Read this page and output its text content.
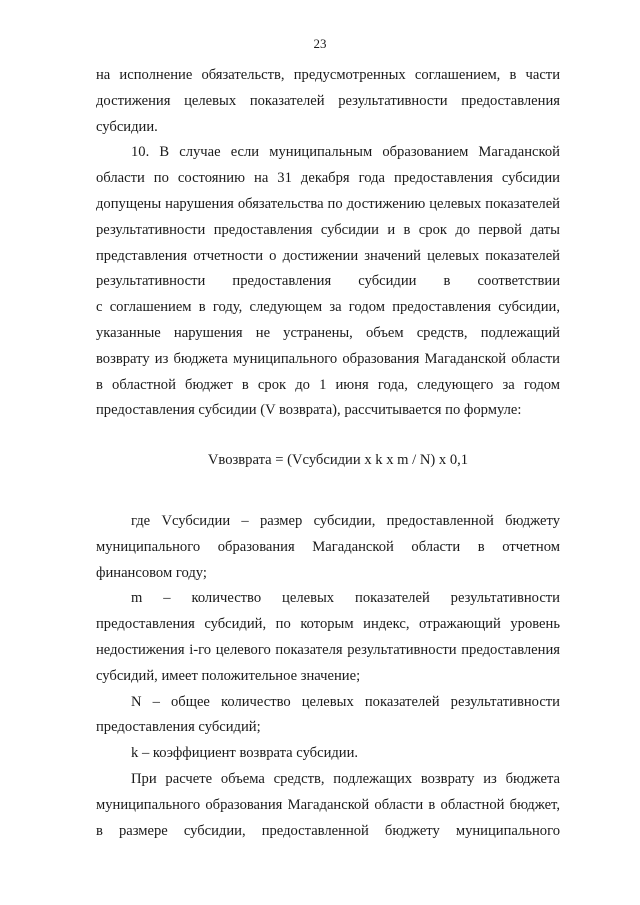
23
на исполнение обязательств, предусмотренных соглашением, в части
достижения целевых показателей результативности предоставления
субсидии.
10. В случае если муниципальным образованием Магаданской
области по состоянию на 31 декабря года предоставления субсидии
допущены нарушения обязательства по достижению целевых показателей
результативности предоставления субсидии и в срок до первой даты
представления отчетности о достижении значений целевых показателей
результативности предоставления субсидии в соответствии
с соглашением в году, следующем за годом предоставления субсидии,
указанные нарушения не устранены, объем средств, подлежащий
возврату из бюджета муниципального образования Магаданской области
в областной бюджет в срок до 1 июня года, следующего за годом
предоставления субсидии (V возврата), рассчитывается по формуле:
Vвозврата = (Vсубсидии x k x m / N) x 0,1
где Vсубсидии – размер субсидии, предоставленной бюджету
муниципального образования Магаданской области в отчетном
финансовом году;
m – количество целевых показателей результативности
предоставления субсидий, по которым индекс, отражающий уровень
недостижения i-го целевого показателя результативности предоставления
субсидий, имеет положительное значение;
N – общее количество целевых показателей результативности
предоставления субсидий;
k – коэффициент возврата субсидии.
При расчете объема средств, подлежащих возврату из бюджета
муниципального образования Магаданской области в областной бюджет,
в размере субсидии, предоставленной бюджету муниципального
